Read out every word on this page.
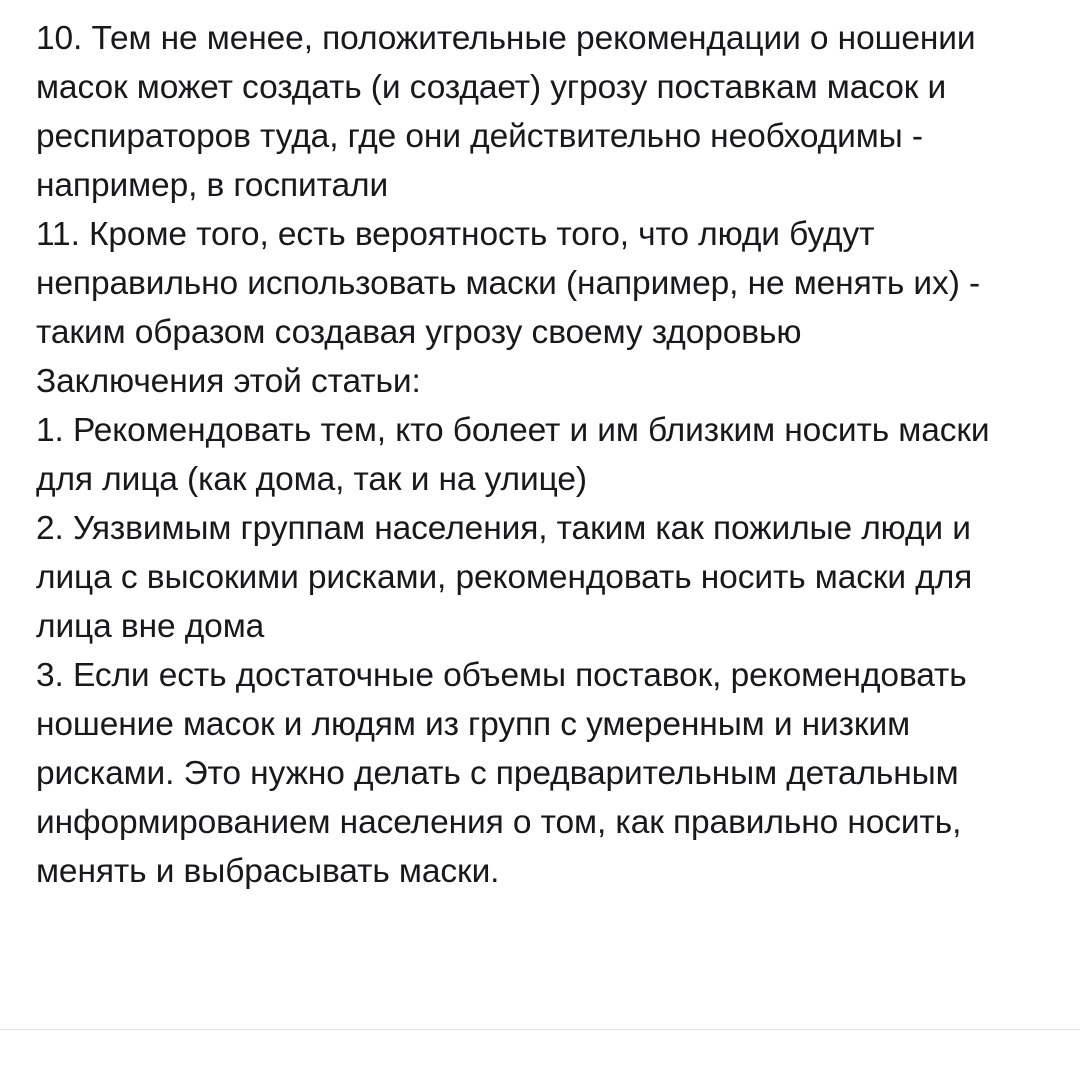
10. Тем не менее, положительные рекомендации о ношении масок может создать (и создает) угрозу поставкам масок и респираторов туда, где они действительно необходимы - например, в госпитали

11. Кроме того, есть вероятность того, что люди будут неправильно использовать маски (например, не менять их) - таким образом создавая угрозу своему здоровью

Заключения этой статьи:

1. Рекомендовать тем, кто болеет и им близким носить маски для лица (как дома, так и на улице)

2. Уязвимым группам населения, таким как пожилые люди и лица с высокими рисками, рекомендовать носить маски для лица вне дома

3. Если есть достаточные объемы поставок, рекомендовать ношение масок и людям из групп с умеренным и низким рисками. Это нужно делать с предварительным детальным информированием населения о том, как правильно носить, менять и выбрасывать маски.
